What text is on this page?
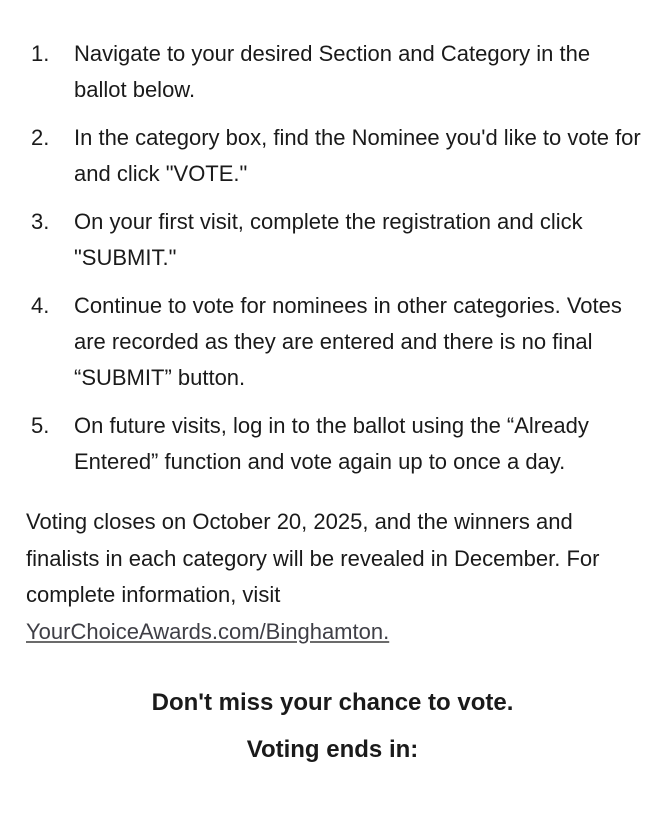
1. Navigate to your desired Section and Category in the ballot below.
2. In the category box, find the Nominee you'd like to vote for and click "VOTE."
3. On your first visit, complete the registration and click "SUBMIT."
4. Continue to vote for nominees in other categories. Votes are recorded as they are entered and there is no final “SUBMIT” button.
5. On future visits, log in to the ballot using the “Already Entered” function and vote again up to once a day.

Voting closes on October 20, 2025, and the winners and finalists in each category will be revealed in December. For complete information, visit
YourChoiceAwards.com/Binghamton.

Don't miss your chance to vote.
Voting ends in:
